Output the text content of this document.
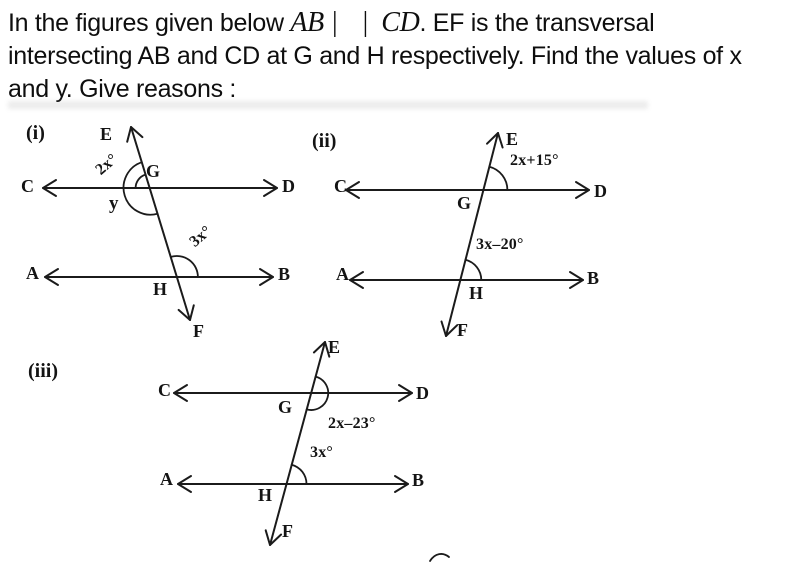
In the figures given below AB | | CD. EF is the transversal
intersecting AB and CD at G and H respectively. Find the values of x
and y. Give reasons :
(i)	E
G
C	D
y
A	B
H
F
2x°
3x°
(ii)	E
2x+15°
C	D
G
3x–20°
A	B
H
F
(iii)
E
C	D
G
2x–23°
3x°
A	B
H
F
